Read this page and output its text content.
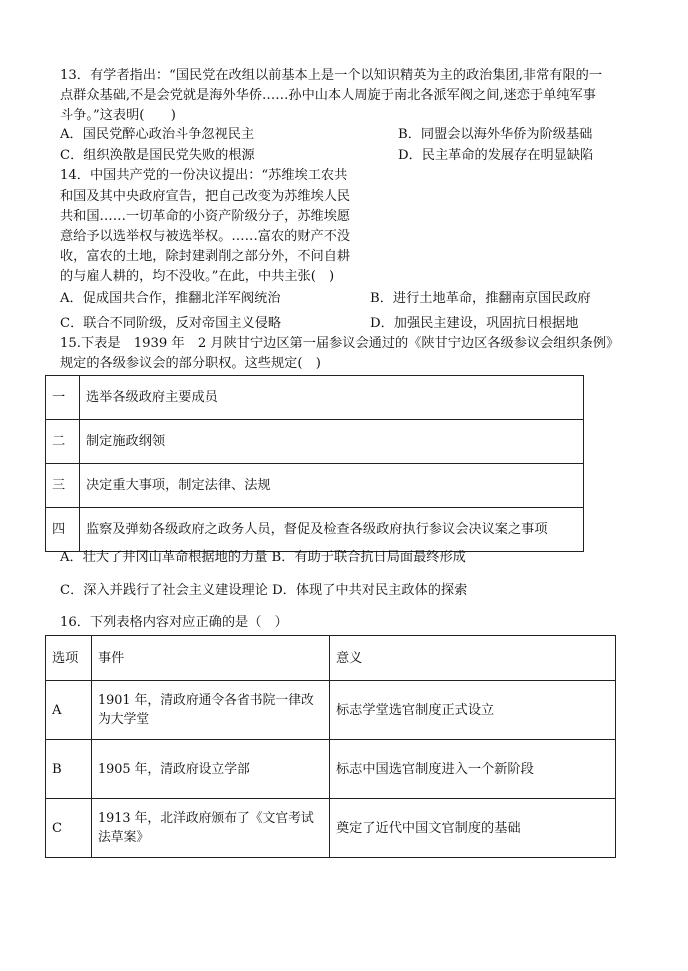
13．有学者指出：“国民党在改组以前基本上是一个以知识精英为主的政治集团,非常有限的一
点群众基础,不是会党就是海外华侨……孙中山本人周旋于南北各派军阀之间,迷恋于单纯军事
斗争。”这表明(　　)
A．国民党醉心政治斗争忽视民主	B．同盟会以海外华侨为阶级基础
C．组织涣散是国民党失败的根源	D．民主革命的发展存在明显缺陷
14．中国共产党的一份决议提出：“苏维埃工农共
和国及其中央政府宣告，把自己改变为苏维埃人民
共和国……一切革命的小资产阶级分子，苏维埃愿
意给予以选举权与被选举权。……富农的财产不没
收，富农的土地，除封建剥削之部分外，不问自耕
的与雇人耕的，均不没收。”在此，中共主张(　)
A．促成国共合作，推翻北洋军阀统治	B．进行土地革命，推翻南京国民政府
C．联合不同阶级，反对帝国主义侵略	D．加强民主建设，巩固抗日根据地
15.下表是　1939 年　2 月陕甘宁边区第一届参议会通过的《陕甘宁边区各级参议会组织条例》
规定的各级参议会的部分职权。这些规定(　)
一	选举各级政府主要成员
二	制定施政纲领
三	决定重大事项，制定法律、法规
四	监察及弹劾各级政府之政务人员，督促及检查各级政府执行参议会决议案之事项
A．壮大了井冈山革命根据地的力量 B．有助于联合抗日局面最终形成
C．深入并践行了社会主义建设理论 D．体现了中共对民主政体的探索
16．下列表格内容对应正确的是（　）
选项	事件	意义
A	1901 年，清政府通令各省书院一律改为大学堂	标志学堂选官制度正式设立
B	1905 年，清政府设立学部	标志中国选官制度进入一个新阶段
C	1913 年，北洋政府颁布了《文官考试法草案》	奠定了近代中国文官制度的基础
